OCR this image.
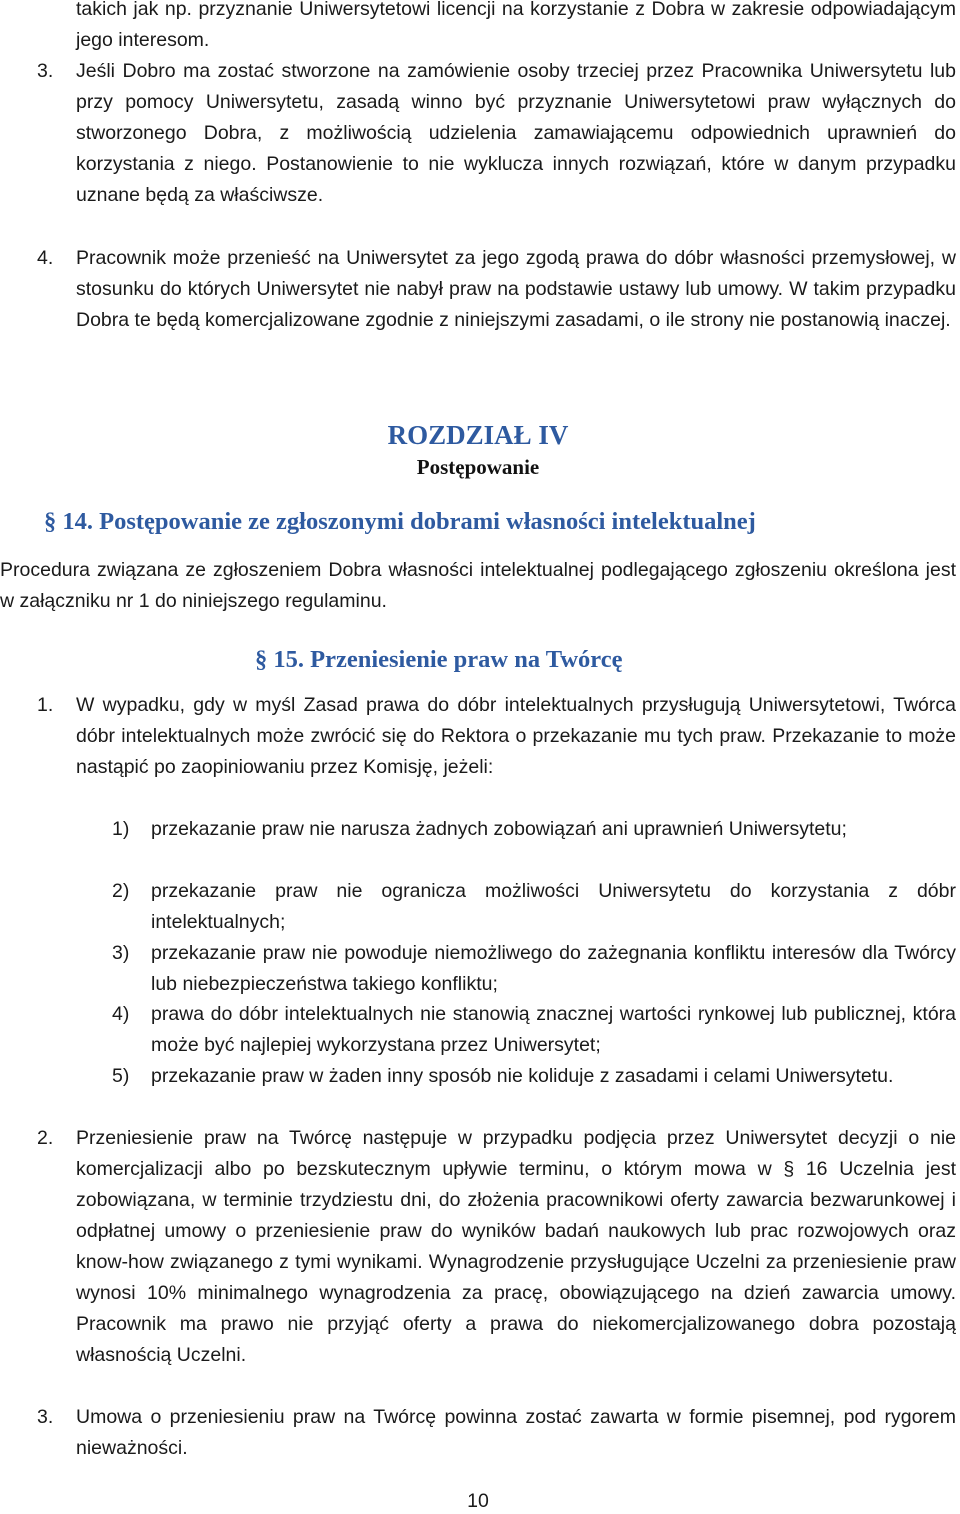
takich jak np. przyznanie Uniwersytetowi licencji na korzystanie z Dobra w zakresie odpowiadającym jego interesom.
3.	Jeśli Dobro ma zostać stworzone na zamówienie osoby trzeciej przez Pracownika Uniwersytetu lub przy pomocy Uniwersytetu, zasadą winno być przyznanie Uniwersytetowi praw wyłącznych do stworzonego Dobra, z możliwością udzielenia zamawiającemu odpowiednich uprawnień do korzystania z niego. Postanowienie to nie wyklucza innych rozwiązań, które w danym przypadku uznane będą za właściwsze.
4.	Pracownik może przenieść na Uniwersytet za jego zgodą prawa do dóbr własności przemysłowej, w stosunku do których Uniwersytet nie nabył praw na podstawie ustawy lub umowy. W takim przypadku Dobra te będą komercjalizowane zgodnie z niniejszymi zasadami, o ile strony nie postanowią inaczej.
ROZDZIAŁ IV
Postępowanie
§ 14. Postępowanie ze zgłoszonymi dobrami własności intelektualnej
Procedura związana ze zgłoszeniem Dobra własności intelektualnej podlegającego zgłoszeniu określona jest w załączniku nr 1 do niniejszego regulaminu.
§ 15. Przeniesienie praw na Twórcę
1.	W wypadku, gdy w myśl Zasad prawa do dóbr intelektualnych przysługują Uniwersytetowi, Twórca dóbr intelektualnych może zwrócić się do Rektora o przekazanie mu tych praw. Przekazanie to może nastąpić po zaopiniowaniu przez Komisję, jeżeli:
1)	przekazanie praw nie narusza żadnych zobowiązań ani uprawnień Uniwersytetu;
2)	przekazanie praw nie ogranicza możliwości Uniwersytetu do korzystania z dóbr intelektualnych;
3)	przekazanie praw nie powoduje niemożliwego do zażegnania konfliktu interesów dla Twórcy lub niebezpieczeństwa takiego konfliktu;
4)	prawa do dóbr intelektualnych nie stanowią znacznej wartości rynkowej lub publicznej, która może być najlepiej wykorzystana przez Uniwersytet;
5)	przekazanie praw w żaden inny sposób nie koliduje z zasadami i celami Uniwersytetu.
2.	Przeniesienie praw na Twórcę następuje w przypadku podjęcia przez Uniwersytet decyzji o nie komercjalizacji albo po bezskutecznym upływie terminu, o którym mowa w § 16 Uczelnia jest zobowiązana, w terminie trzydziestu dni, do złożenia pracownikowi oferty zawarcia bezwarunkowej i odpłatnej umowy o przeniesienie praw do wyników badań naukowych lub prac rozwojowych oraz know-how związanego z tymi wynikami. Wynagrodzenie przysługujące Uczelni za przeniesienie praw wynosi 10% minimalnego wynagrodzenia za pracę, obowiązującego na dzień zawarcia umowy. Pracownik ma prawo nie przyjąć oferty a prawa do niekomercjalizowanego dobra pozostają własnością Uczelni.
3.	Umowa o przeniesieniu praw na Twórcę powinna zostać zawarta w formie pisemnej, pod rygorem nieważności.
10
